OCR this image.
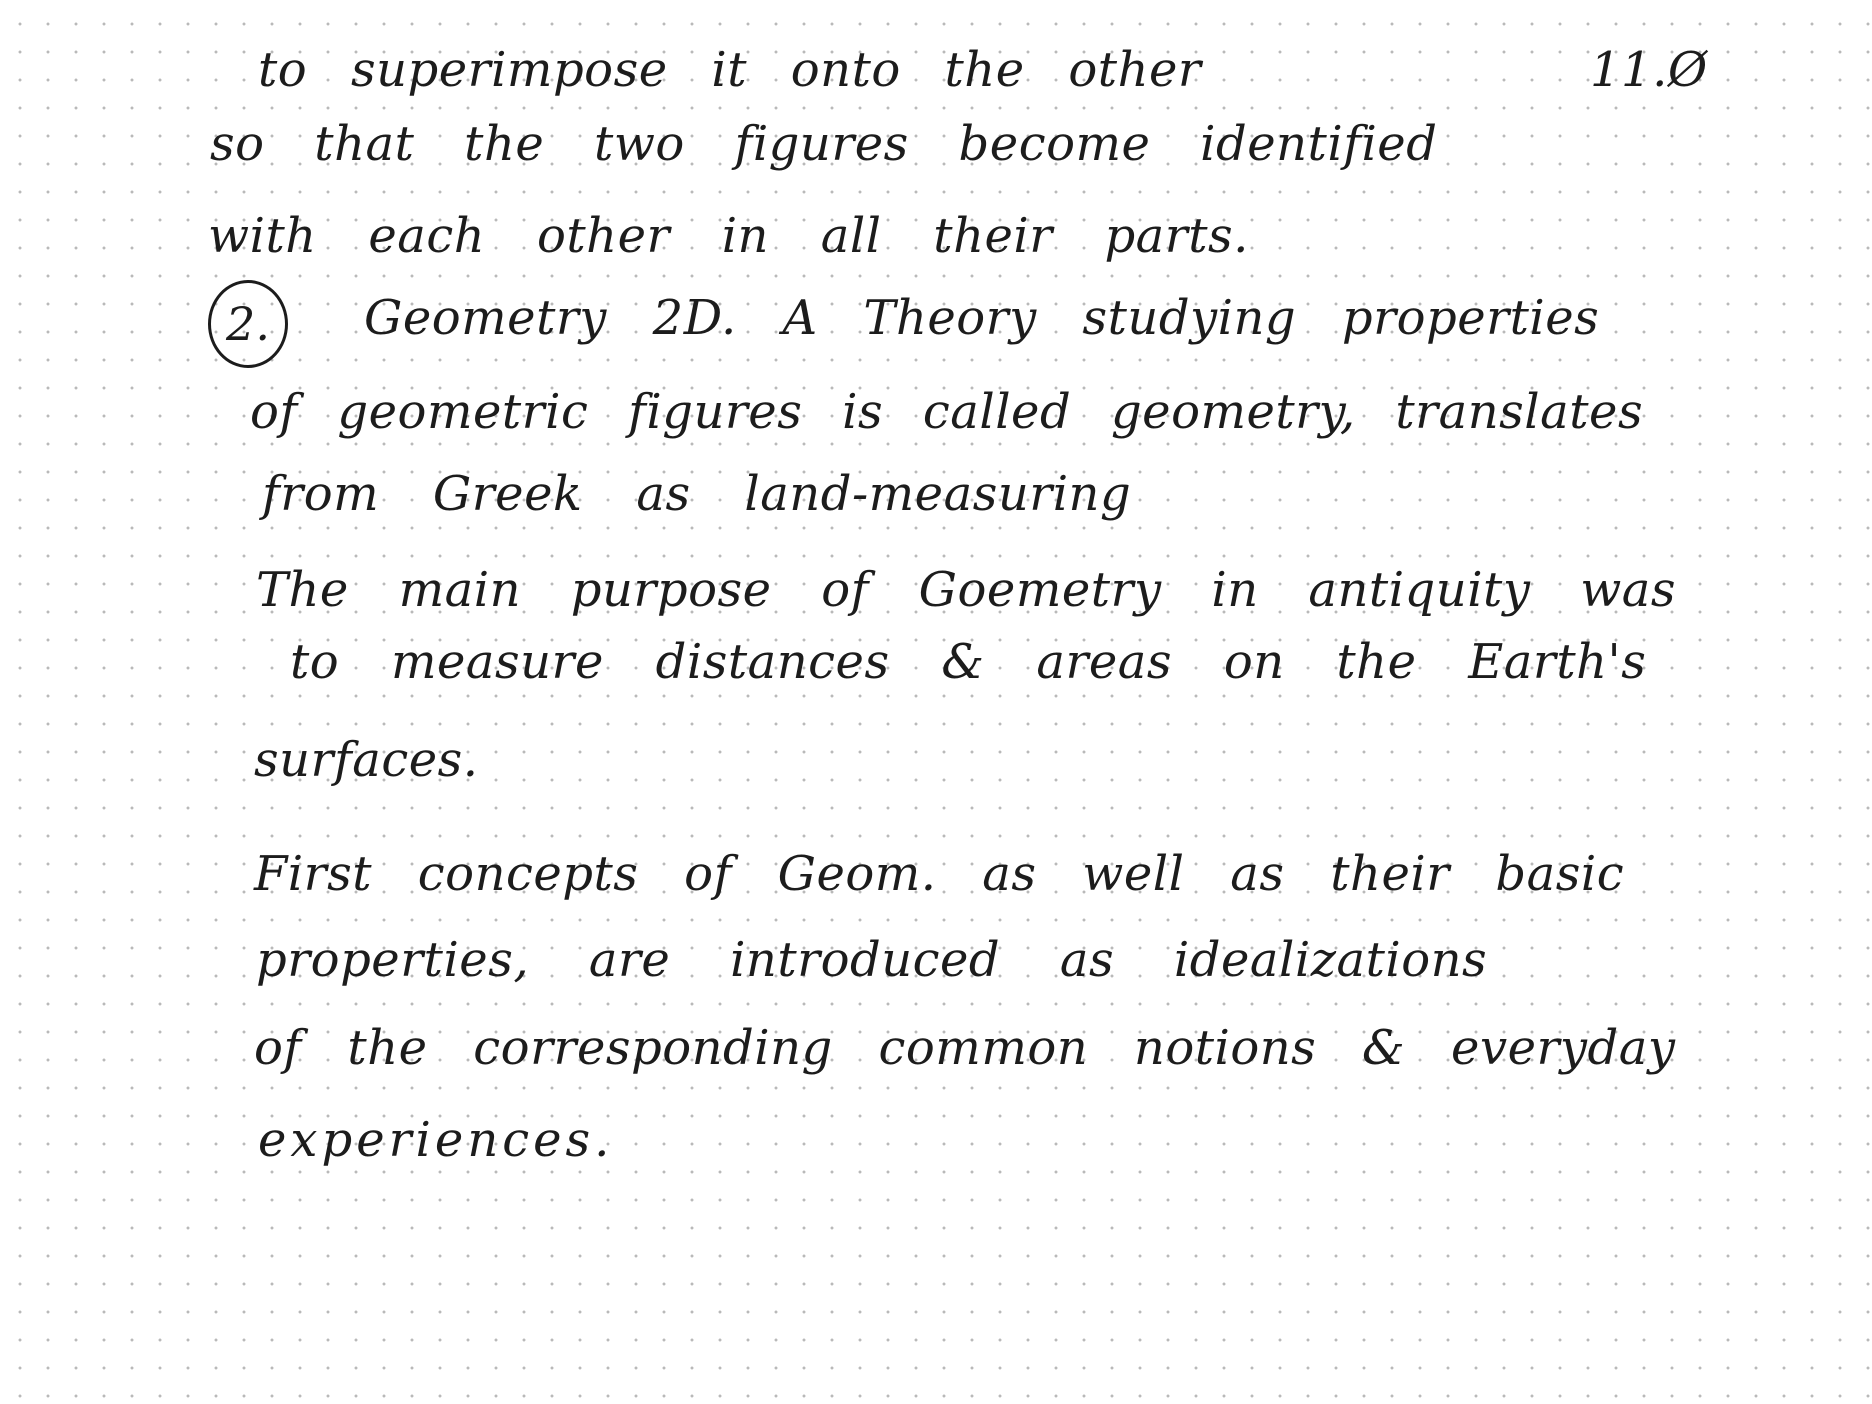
to superimpose it onto the other	11.Ø

so that the two figures become identified

with each other in all their parts.

2.	Geometry 2D. A Theory studying properties

of geometric figures is called geometry, translates

from Greek as land-measuring

The main purpose of Goemetry in antiquity was

to measure distances & areas on the Earth's

surfaces.

First concepts of Geom. as well as their basic

properties, are introduced as idealizations

of the corresponding common notions & everyday

experiences.
